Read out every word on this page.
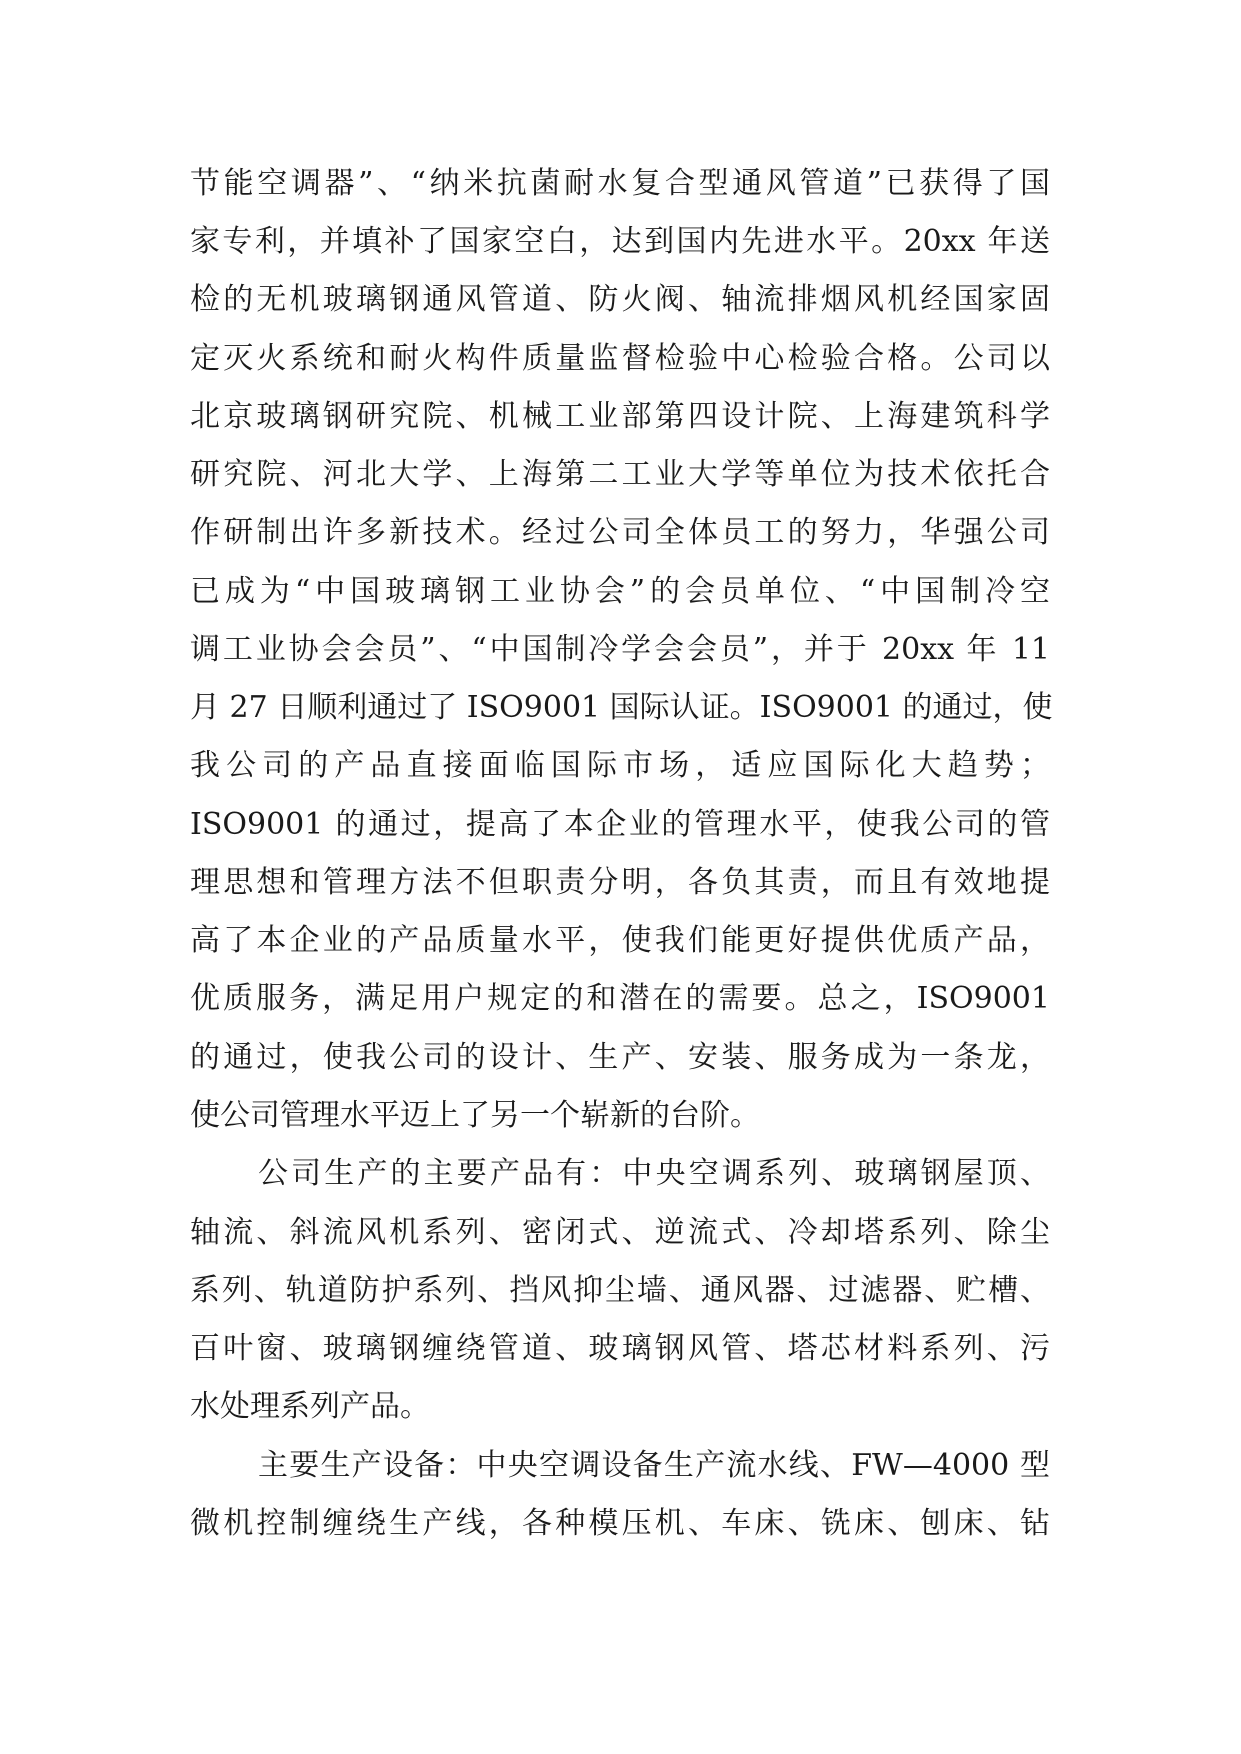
节能空调器”、“纳米抗菌耐水复合型通风管道”已获得了国
家专利，并填补了国家空白，达到国内先进水平。20xx 年送
检的无机玻璃钢通风管道、防火阀、轴流排烟风机经国家固
定灭火系统和耐火构件质量监督检验中心检验合格。公司以
北京玻璃钢研究院、机械工业部第四设计院、上海建筑科学
研究院、河北大学、上海第二工业大学等单位为技术依托合
作研制出许多新技术。经过公司全体员工的努力，华强公司
已成为“中国玻璃钢工业协会”的会员单位、“中国制冷空
调工业协会会员”、“中国制冷学会会员”，并于 20xx 年 11
月 27 日顺利通过了 ISO9001 国际认证。ISO9001 的通过，使
我公司的产品直接面临国际市场，适应国际化大趋势；
ISO9001 的通过，提高了本企业的管理水平，使我公司的管
理思想和管理方法不但职责分明，各负其责，而且有效地提
高了本企业的产品质量水平，使我们能更好提供优质产品，
优质服务，满足用户规定的和潜在的需要。总之，ISO9001
的通过，使我公司的设计、生产、安装、服务成为一条龙，
使公司管理水平迈上了另一个崭新的台阶。
公司生产的主要产品有：中央空调系列、玻璃钢屋顶、
轴流、斜流风机系列、密闭式、逆流式、冷却塔系列、除尘
系列、轨道防护系列、挡风抑尘墙、通风器、过滤器、贮槽、
百叶窗、玻璃钢缠绕管道、玻璃钢风管、塔芯材料系列、污
水处理系列产品。
主要生产设备：中央空调设备生产流水线、FW—4000 型
微机控制缠绕生产线，各种模压机、车床、铣床、刨床、钻
